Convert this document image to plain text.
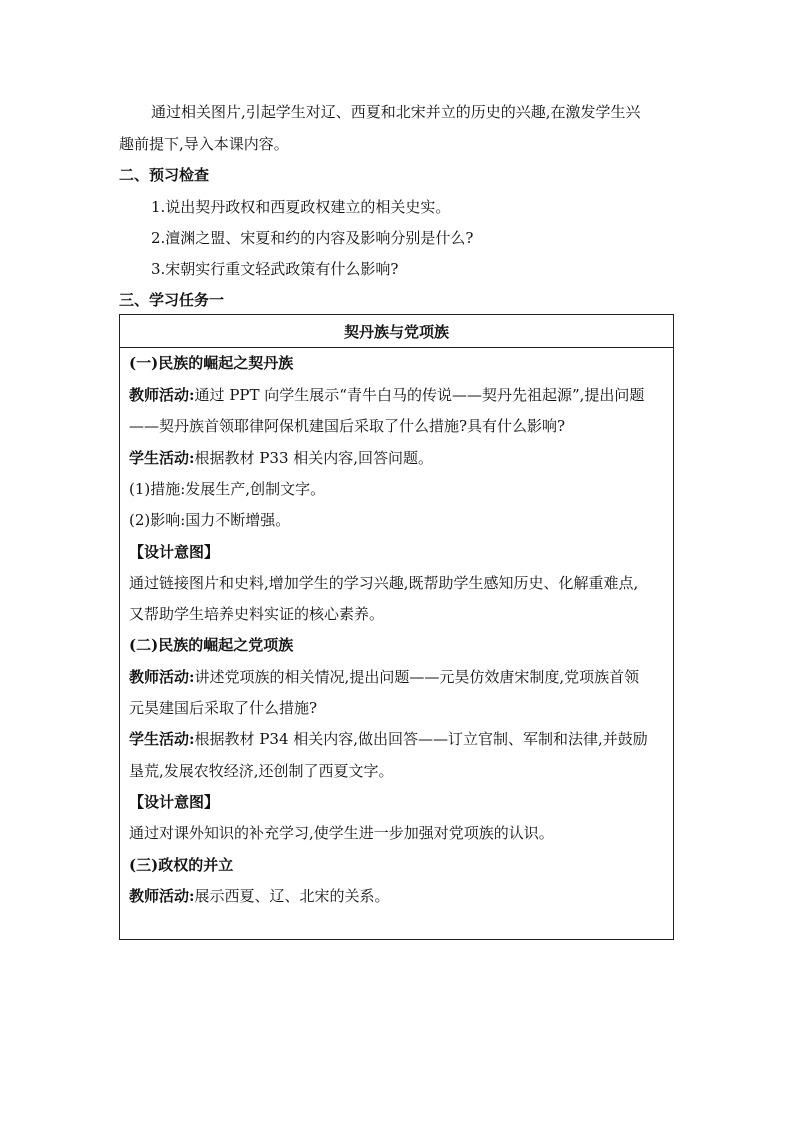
通过相关图片,引起学生对辽、西夏和北宋并立的历史的兴趣,在激发学生兴
趣前提下,导入本课内容。
二、预习检查
1.说出契丹政权和西夏政权建立的相关史实。
2.澶渊之盟、宋夏和约的内容及影响分别是什么?
3.宋朝实行重文轻武政策有什么影响?
三、学习任务一
契丹族与党项族
(一)民族的崛起之契丹族
教师活动:通过 PPT 向学生展示“青牛白马的传说——契丹先祖起源”,提出问题
——契丹族首领耶律阿保机建国后采取了什么措施?具有什么影响?
学生活动:根据教材 P33 相关内容,回答问题。
(1)措施:发展生产,创制文字。
(2)影响:国力不断增强。
【设计意图】
通过链接图片和史料,增加学生的学习兴趣,既帮助学生感知历史、化解重难点,
又帮助学生培养史料实证的核心素养。
(二)民族的崛起之党项族
教师活动:讲述党项族的相关情况,提出问题——元昊仿效唐宋制度,党项族首领
元昊建国后采取了什么措施?
学生活动:根据教材 P34 相关内容,做出回答——订立官制、军制和法律,并鼓励
垦荒,发展农牧经济,还创制了西夏文字。
【设计意图】
通过对课外知识的补充学习,使学生进一步加强对党项族的认识。
(三)政权的并立
教师活动:展示西夏、辽、北宋的关系。
